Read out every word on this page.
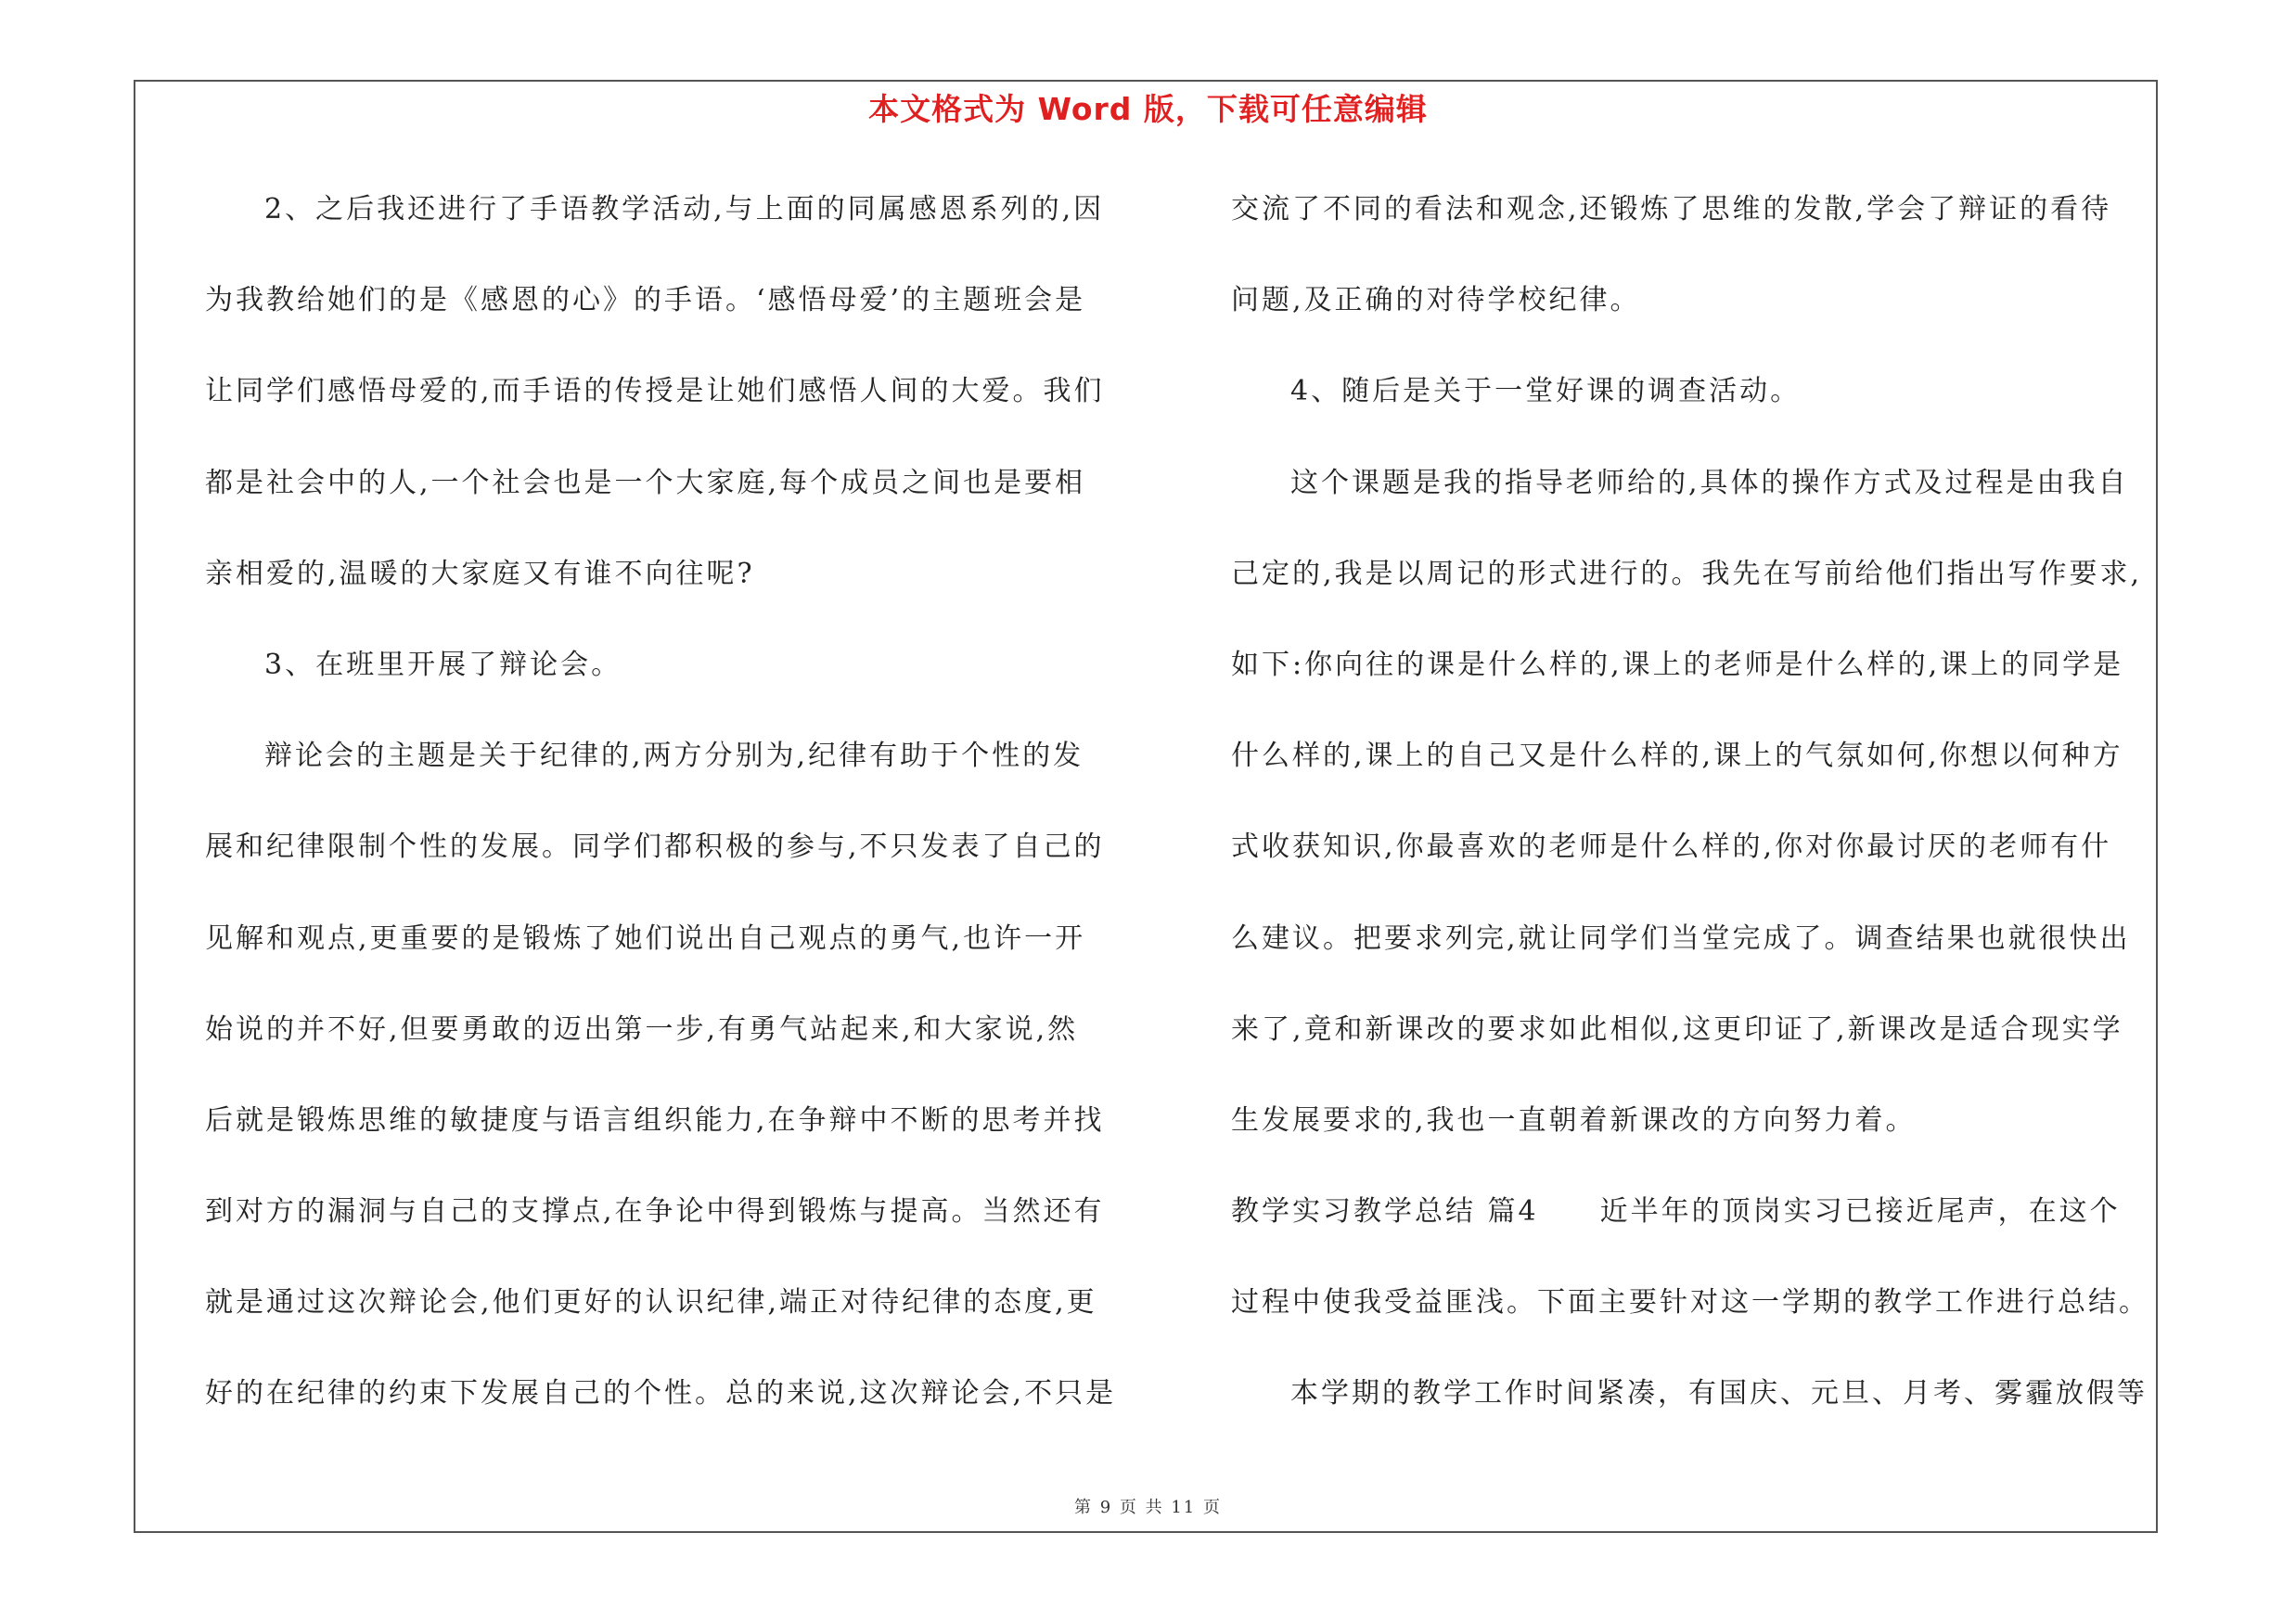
本文格式为 Word 版，下载可任意编辑
2、之后我还进行了手语教学活动,与上面的同属感恩系列的,因
为我教给她们的是《感恩的心》的手语。‘感悟母爱’的主题班会是
让同学们感悟母爱的,而手语的传授是让她们感悟人间的大爱。我们
都是社会中的人,一个社会也是一个大家庭,每个成员之间也是要相
亲相爱的,温暖的大家庭又有谁不向往呢?
3、在班里开展了辩论会。
辩论会的主题是关于纪律的,两方分别为,纪律有助于个性的发
展和纪律限制个性的发展。同学们都积极的参与,不只发表了自己的
见解和观点,更重要的是锻炼了她们说出自己观点的勇气,也许一开
始说的并不好,但要勇敢的迈出第一步,有勇气站起来,和大家说,然
后就是锻炼思维的敏捷度与语言组织能力,在争辩中不断的思考并找
到对方的漏洞与自己的支撑点,在争论中得到锻炼与提高。当然还有
就是通过这次辩论会,他们更好的认识纪律,端正对待纪律的态度,更
好的在纪律的约束下发展自己的个性。总的来说,这次辩论会,不只是
交流了不同的看法和观念,还锻炼了思维的发散,学会了辩证的看待
问题,及正确的对待学校纪律。
4、随后是关于一堂好课的调查活动。
这个课题是我的指导老师给的,具体的操作方式及过程是由我自
己定的,我是以周记的形式进行的。我先在写前给他们指出写作要求,
如下:你向往的课是什么样的,课上的老师是什么样的,课上的同学是
什么样的,课上的自己又是什么样的,课上的气氛如何,你想以何种方
式收获知识,你最喜欢的老师是什么样的,你对你最讨厌的老师有什
么建议。把要求列完,就让同学们当堂完成了。调查结果也就很快出
来了,竟和新课改的要求如此相似,这更印证了,新课改是适合现实学
生发展要求的,我也一直朝着新课改的方向努力着。
教学实习教学总结 篇4　　近半年的顶岗实习已接近尾声，在这个
过程中使我受益匪浅。下面主要针对这一学期的教学工作进行总结。
本学期的教学工作时间紧凑，有国庆、元旦、月考、雾霾放假等
第 9 页 共 11 页
